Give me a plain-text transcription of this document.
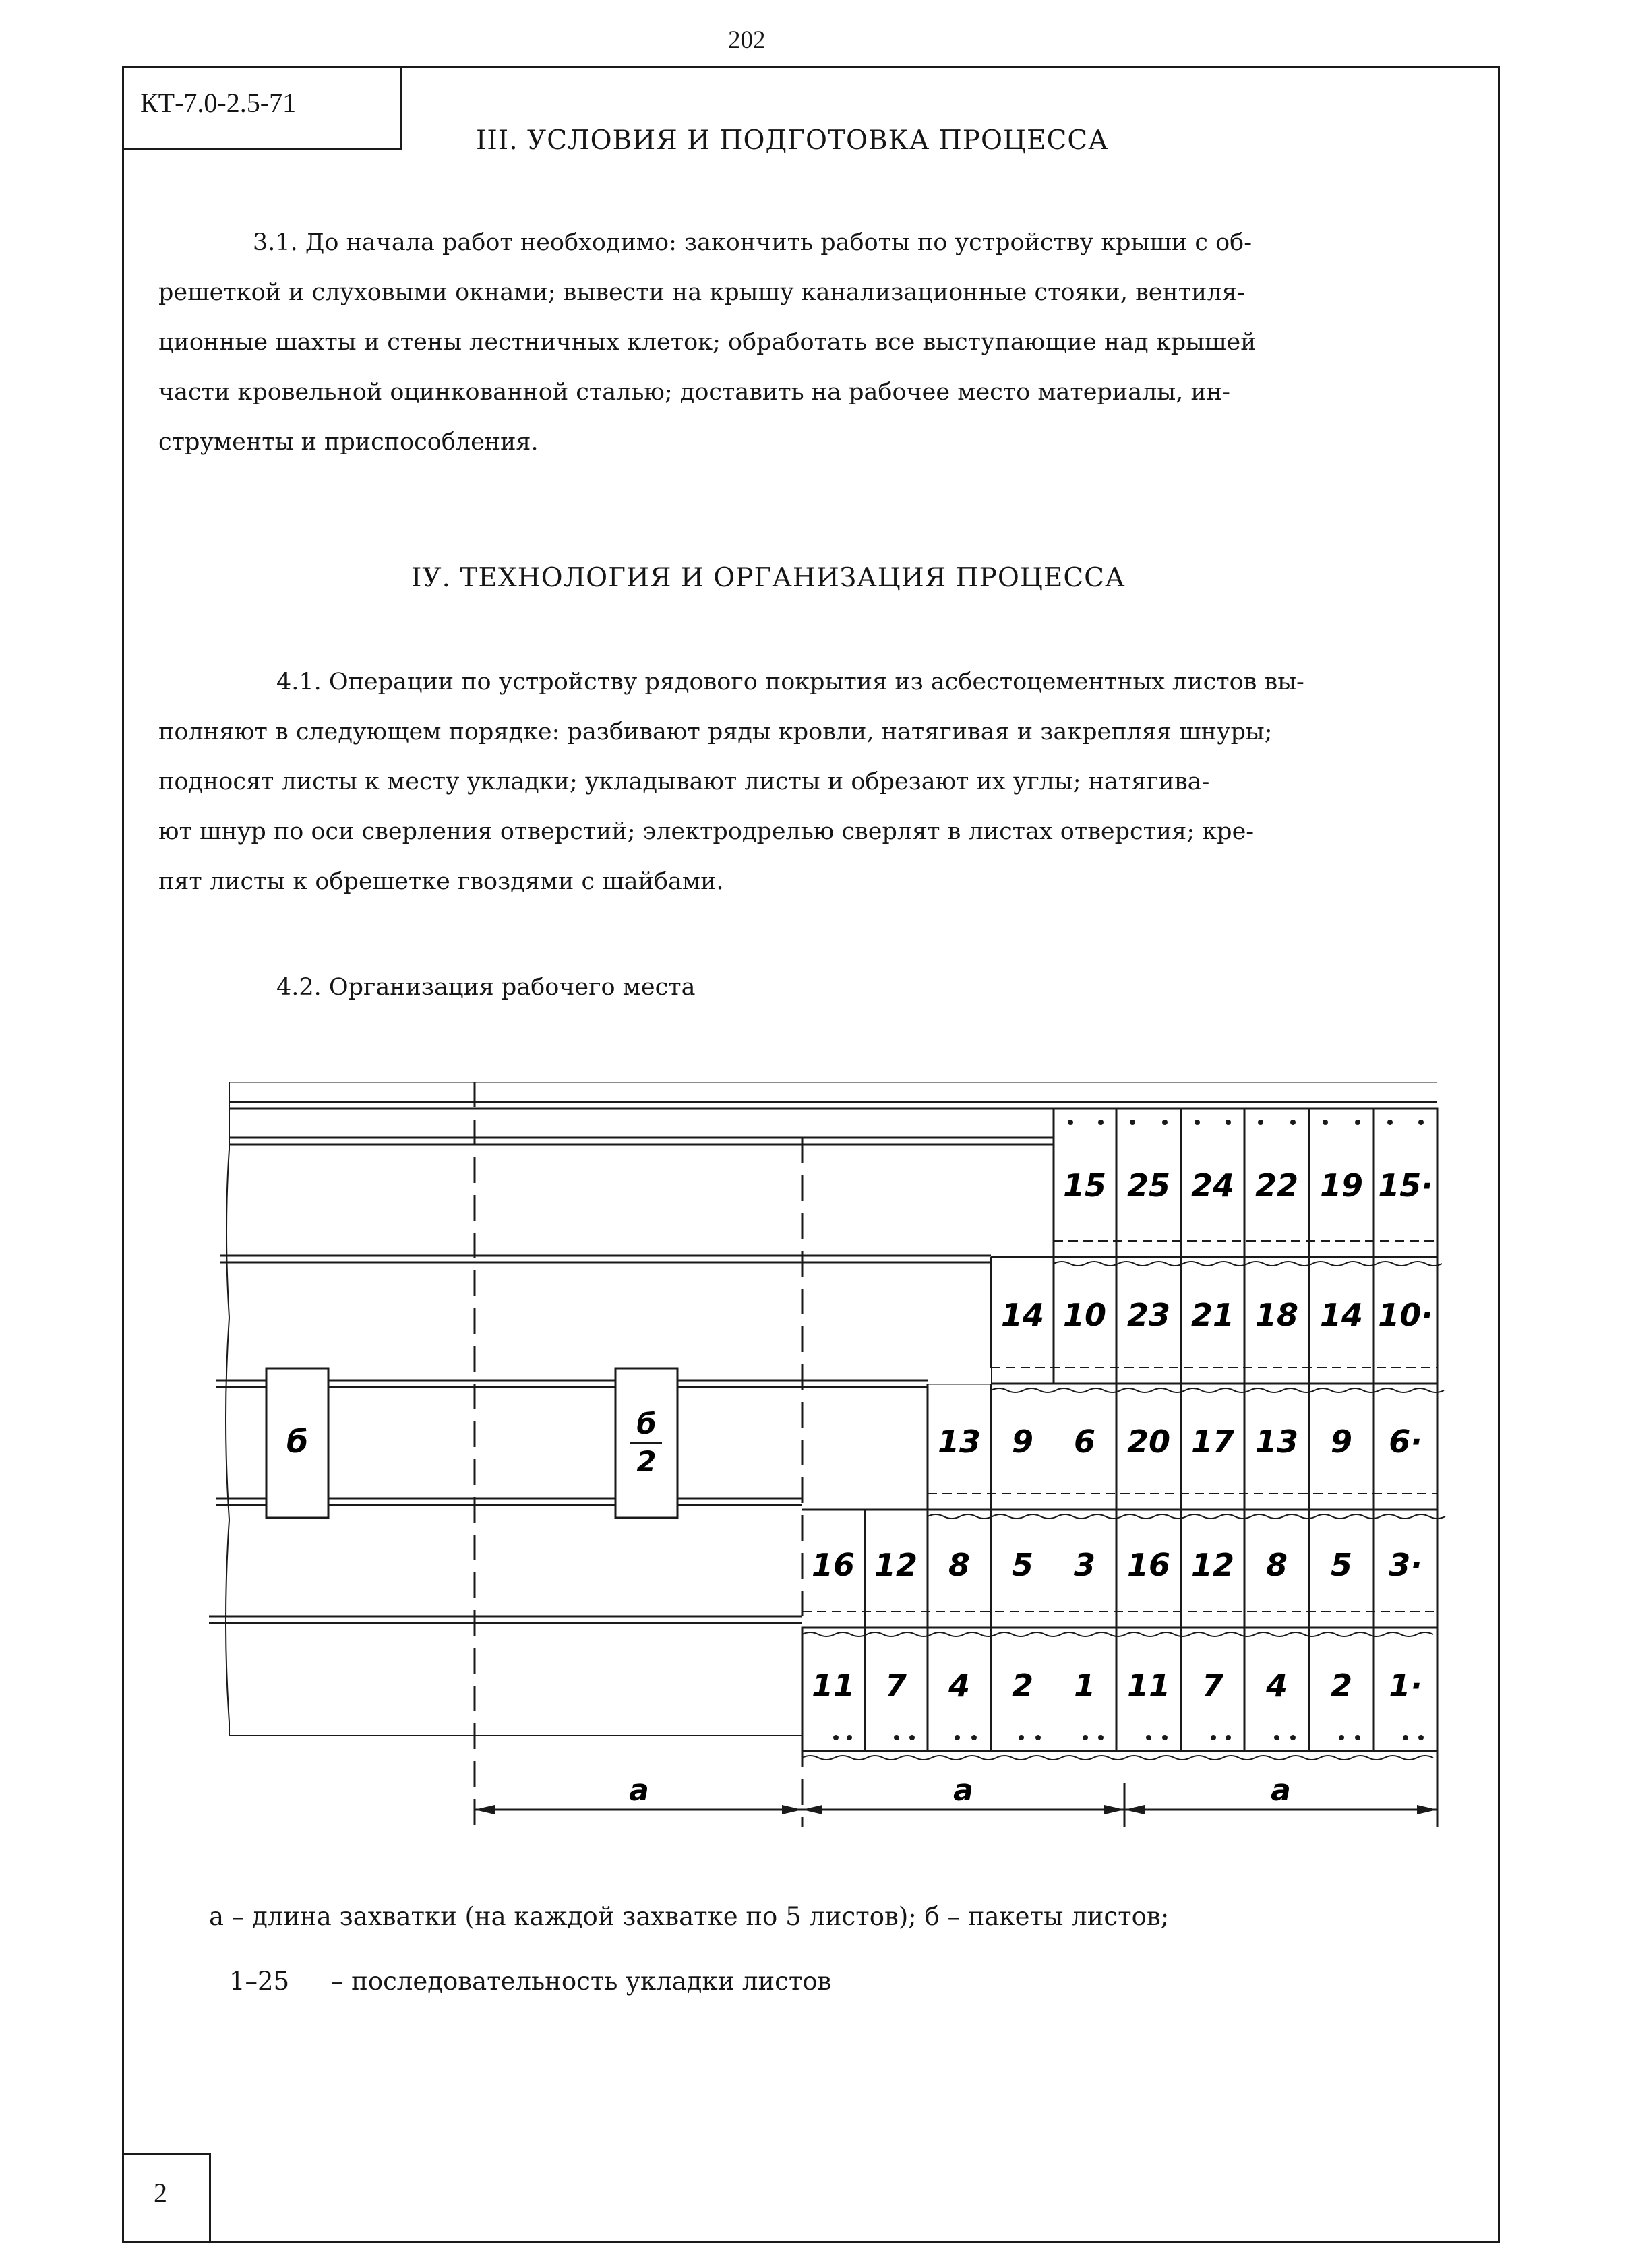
202
КТ-7.0-2.5-71
2
III. УСЛОВИЯ И ПОДГОТОВКА ПРОЦЕССА
3.1. До начала работ необходимо: закончить работы по устройству крыши с об-
решеткой и слуховыми окнами; вывести на крышу канализационные стояки, вентиля-
ционные шахты и стены лестничных клеток; обработать все выступающие над крышей
части кровельной оцинкованной сталью; доставить на рабочее место материалы, ин-
струменты и приспособления.
IУ. ТЕХНОЛОГИЯ И ОРГАНИЗАЦИЯ ПРОЦЕССА
4.1. Операции по устройству рядового покрытия из асбестоцементных листов вы-
полняют в следующем порядке: разбивают ряды кровли, натягивая и закрепляя шнуры;
подносят листы к месту укладки; укладывают листы и обрезают их углы; натягива-
ют шнур по оси сверления отверстий; электродрелью сверлят в листах отверстия; кре-
пят листы к обрешетке гвоздями с шайбами.
4.2. Организация рабочего места
15 25 24 22 19 15·
14 10 23 21 18 14 10·
13 9 6 20 17 13 9 6·
16 12 8 5 3 16 12 8 5 3·
11 7 4 2 1 11 7 4 2 1·
б	б
2
а	а	а
а – длина захватки (на каждой захватке по 5 листов); б – пакеты листов;
1–25 – последовательность укладки листов
